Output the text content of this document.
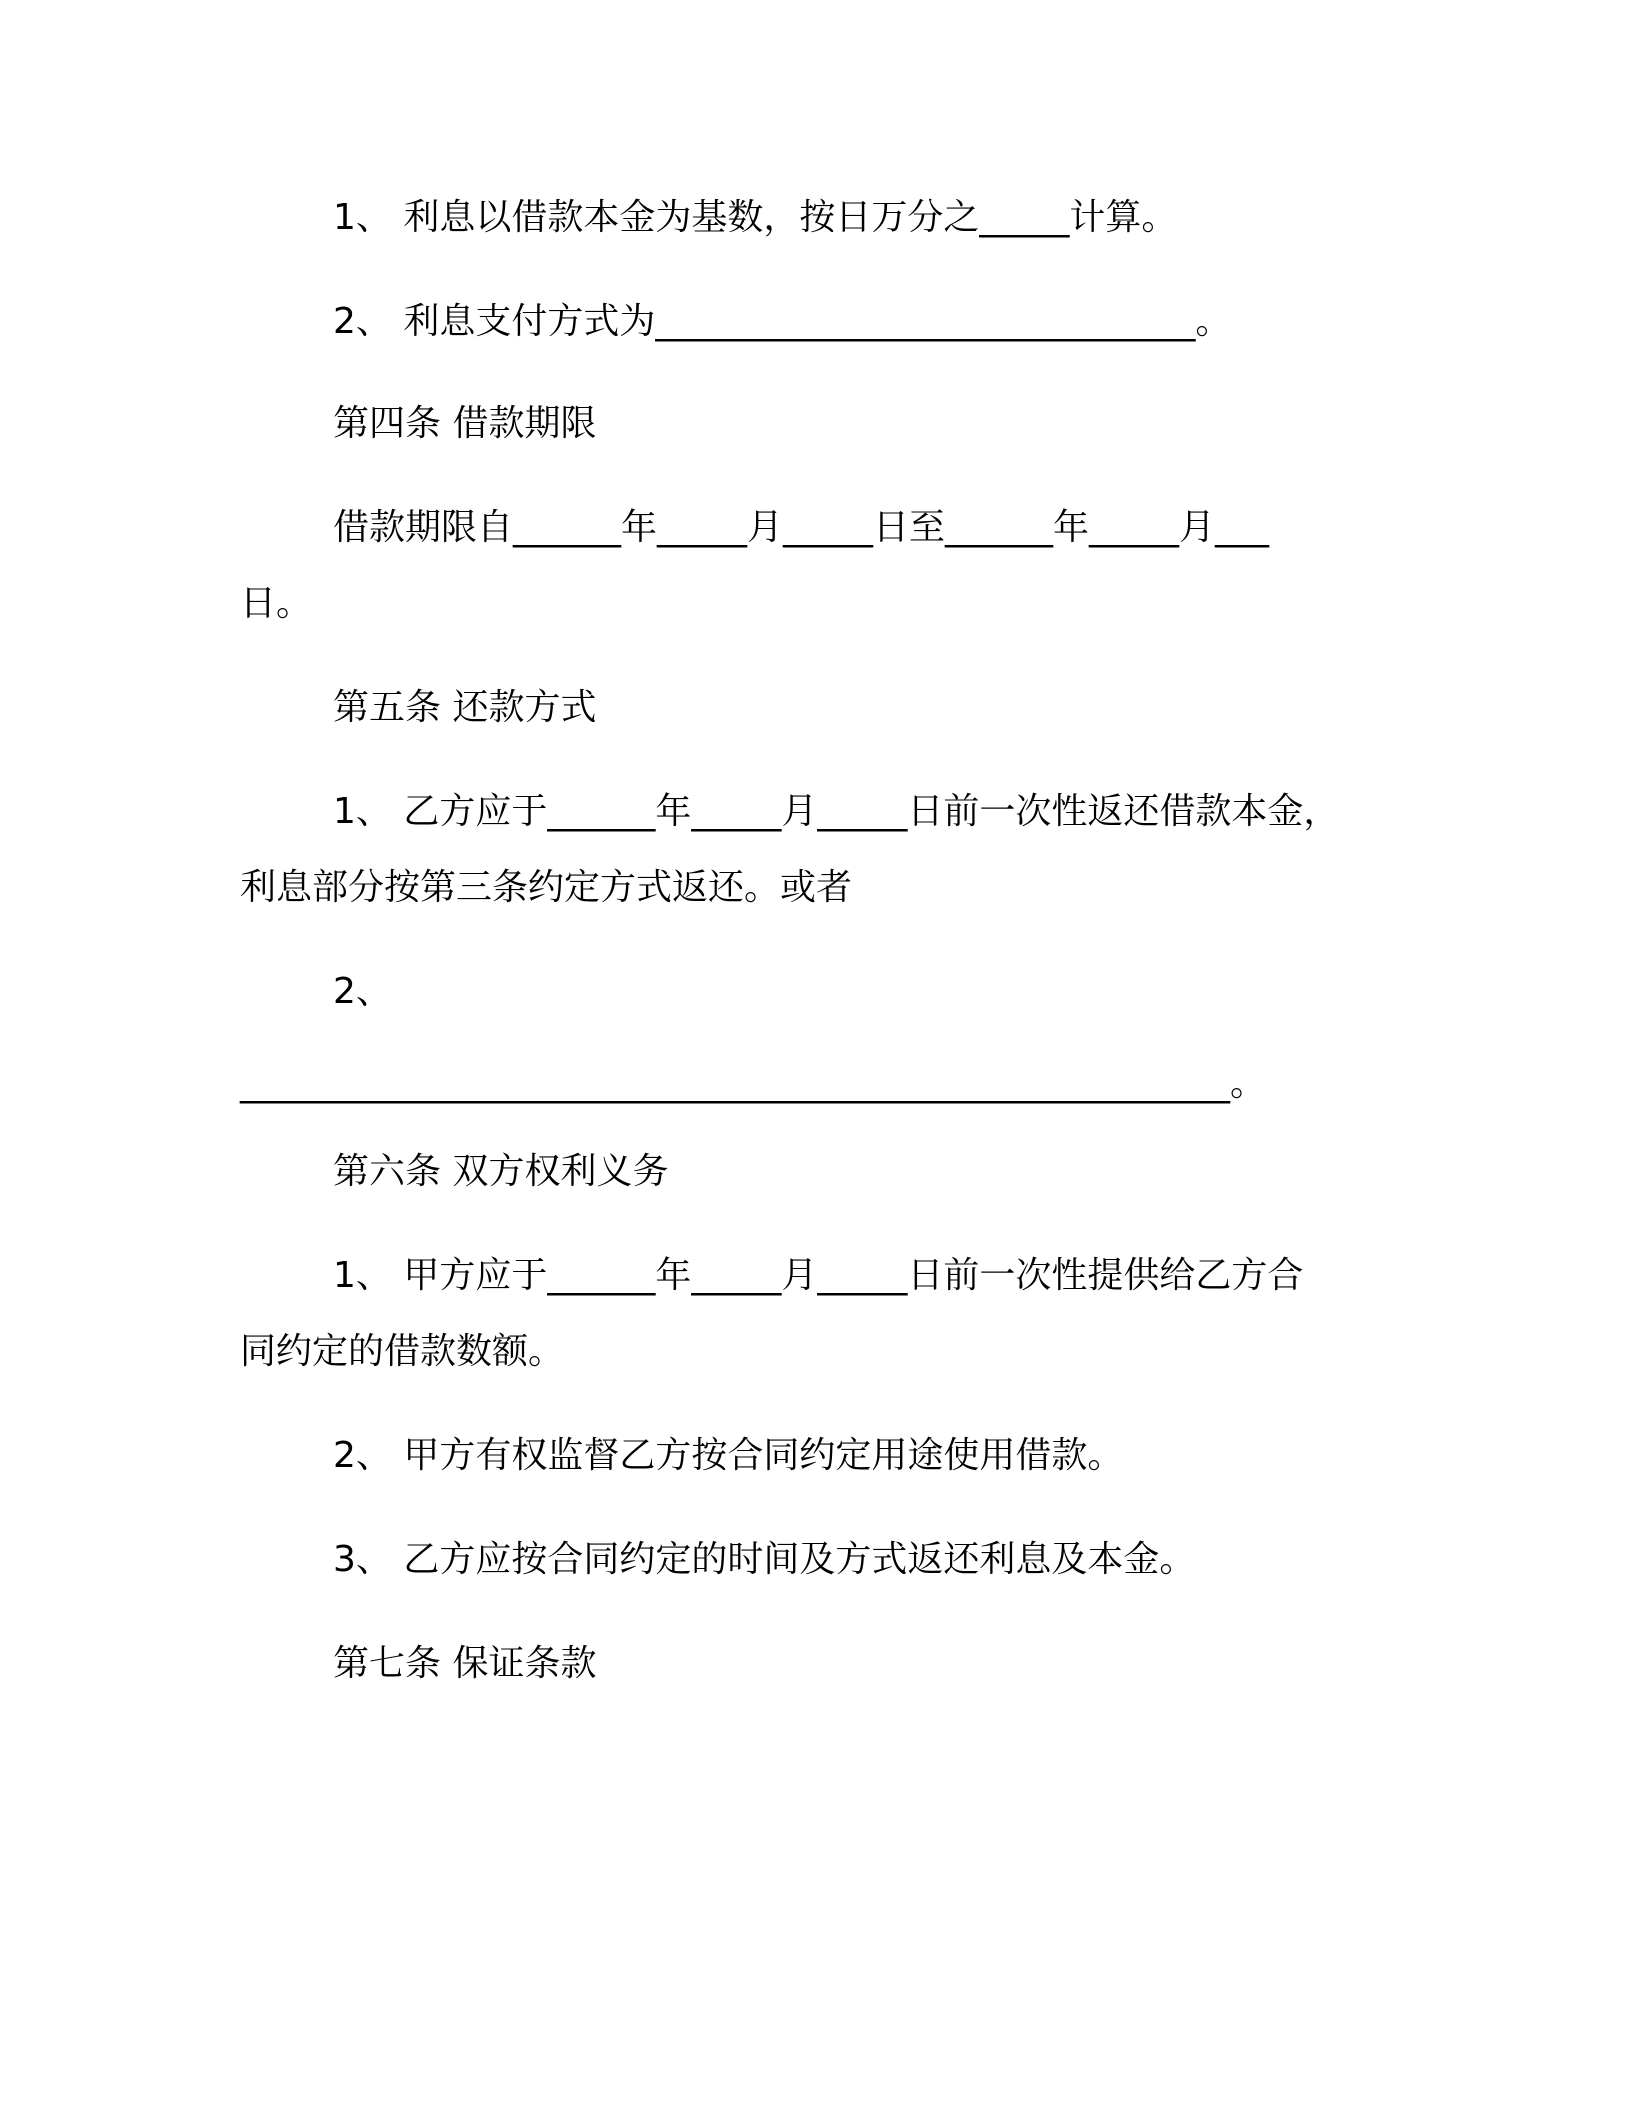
1、 利息以借款本金为基数，按日万分之_____计算。
2、 利息支付方式为______________________________。
第四条 借款期限
借款期限自______年_____月_____日至______年_____月___
日。
第五条 还款方式
1、 乙方应于______年_____月_____日前一次性返还借款本金，
利息部分按第三条约定方式返还。或者
2、
_______________________________________________________。
第六条 双方权利义务
1、 甲方应于______年_____月_____日前一次性提供给乙方合
同约定的借款数额。
2、 甲方有权监督乙方按合同约定用途使用借款。
3、 乙方应按合同约定的时间及方式返还利息及本金。
第七条 保证条款
